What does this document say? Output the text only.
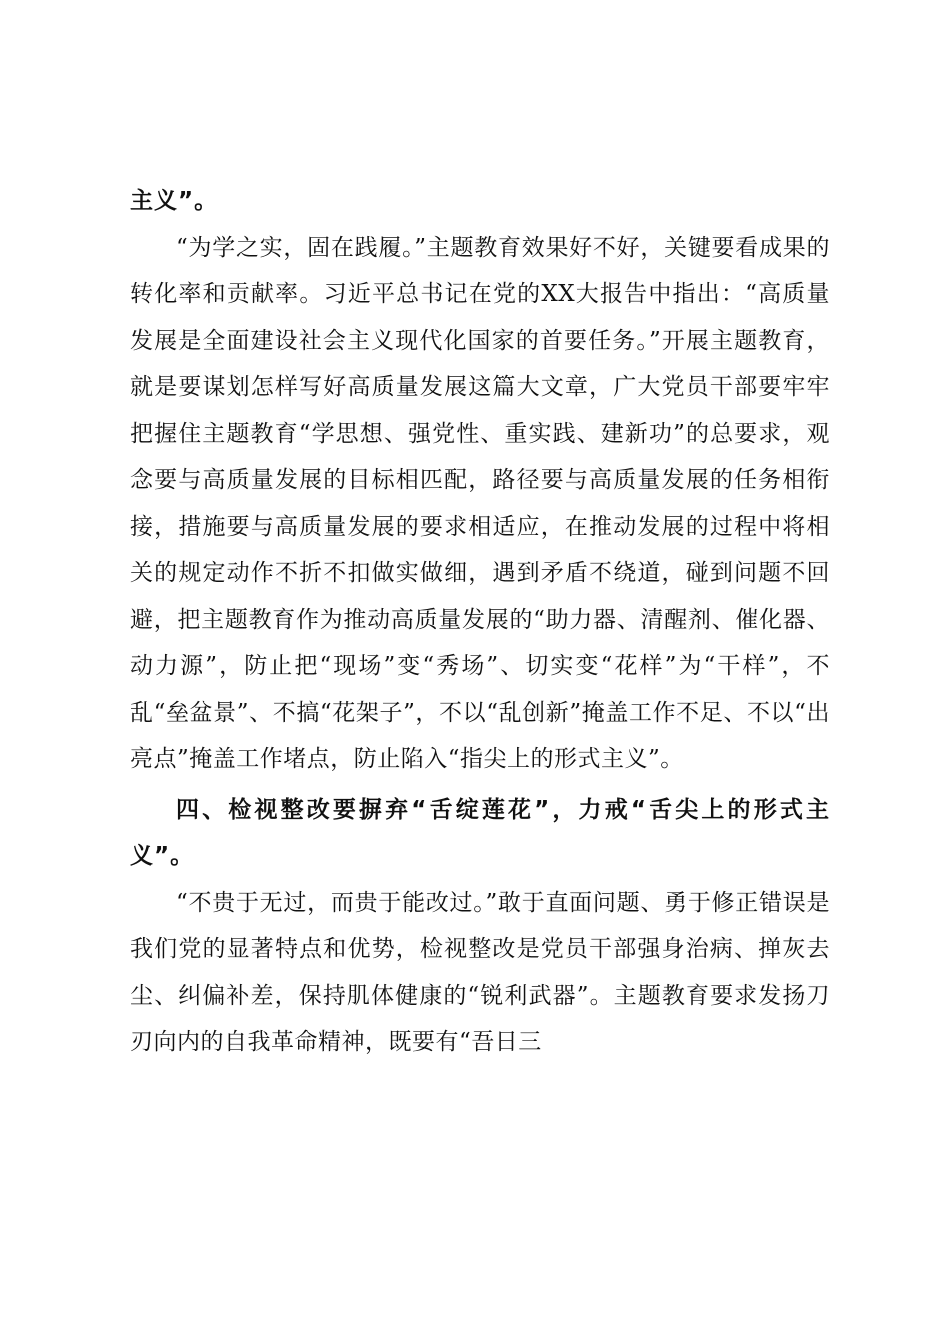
主义”。

“为学之实，固在践履。”主题教育效果好不好，关键要看成果的转化率和贡献率。习近平总书记在党的XX大报告中指出：“高质量发展是全面建设社会主义现代化国家的首要任务。”开展主题教育，就是要谋划怎样写好高质量发展这篇大文章，广大党员干部要牢牢把握住主题教育“学思想、强党性、重实践、建新功”的总要求，观念要与高质量发展的目标相匹配，路径要与高质量发展的任务相衔接，措施要与高质量发展的要求相适应，在推动发展的过程中将相关的规定动作不折不扣做实做细，遇到矛盾不绕道，碰到问题不回避，把主题教育作为推动高质量发展的“助力器、清醒剂、催化器、动力源”，防止把“现场”变“秀场”、切实变“花样”为“干样”，不乱“垒盆景”、不搞“花架子”，不以“乱创新”掩盖工作不足、不以“出亮点”掩盖工作堵点，防止陷入“指尖上的形式主义”。

四、检视整改要摒弃“舌绽莲花”，力戒“舌尖上的形式主义”。

“不贵于无过，而贵于能改过。”敢于直面问题、勇于修正错误是我们党的显著特点和优势，检视整改是党员干部强身治病、掸灰去尘、纠偏补差，保持肌体健康的“锐利武器”。主题教育要求发扬刀刃向内的自我革命精神，既要有“吾日三
